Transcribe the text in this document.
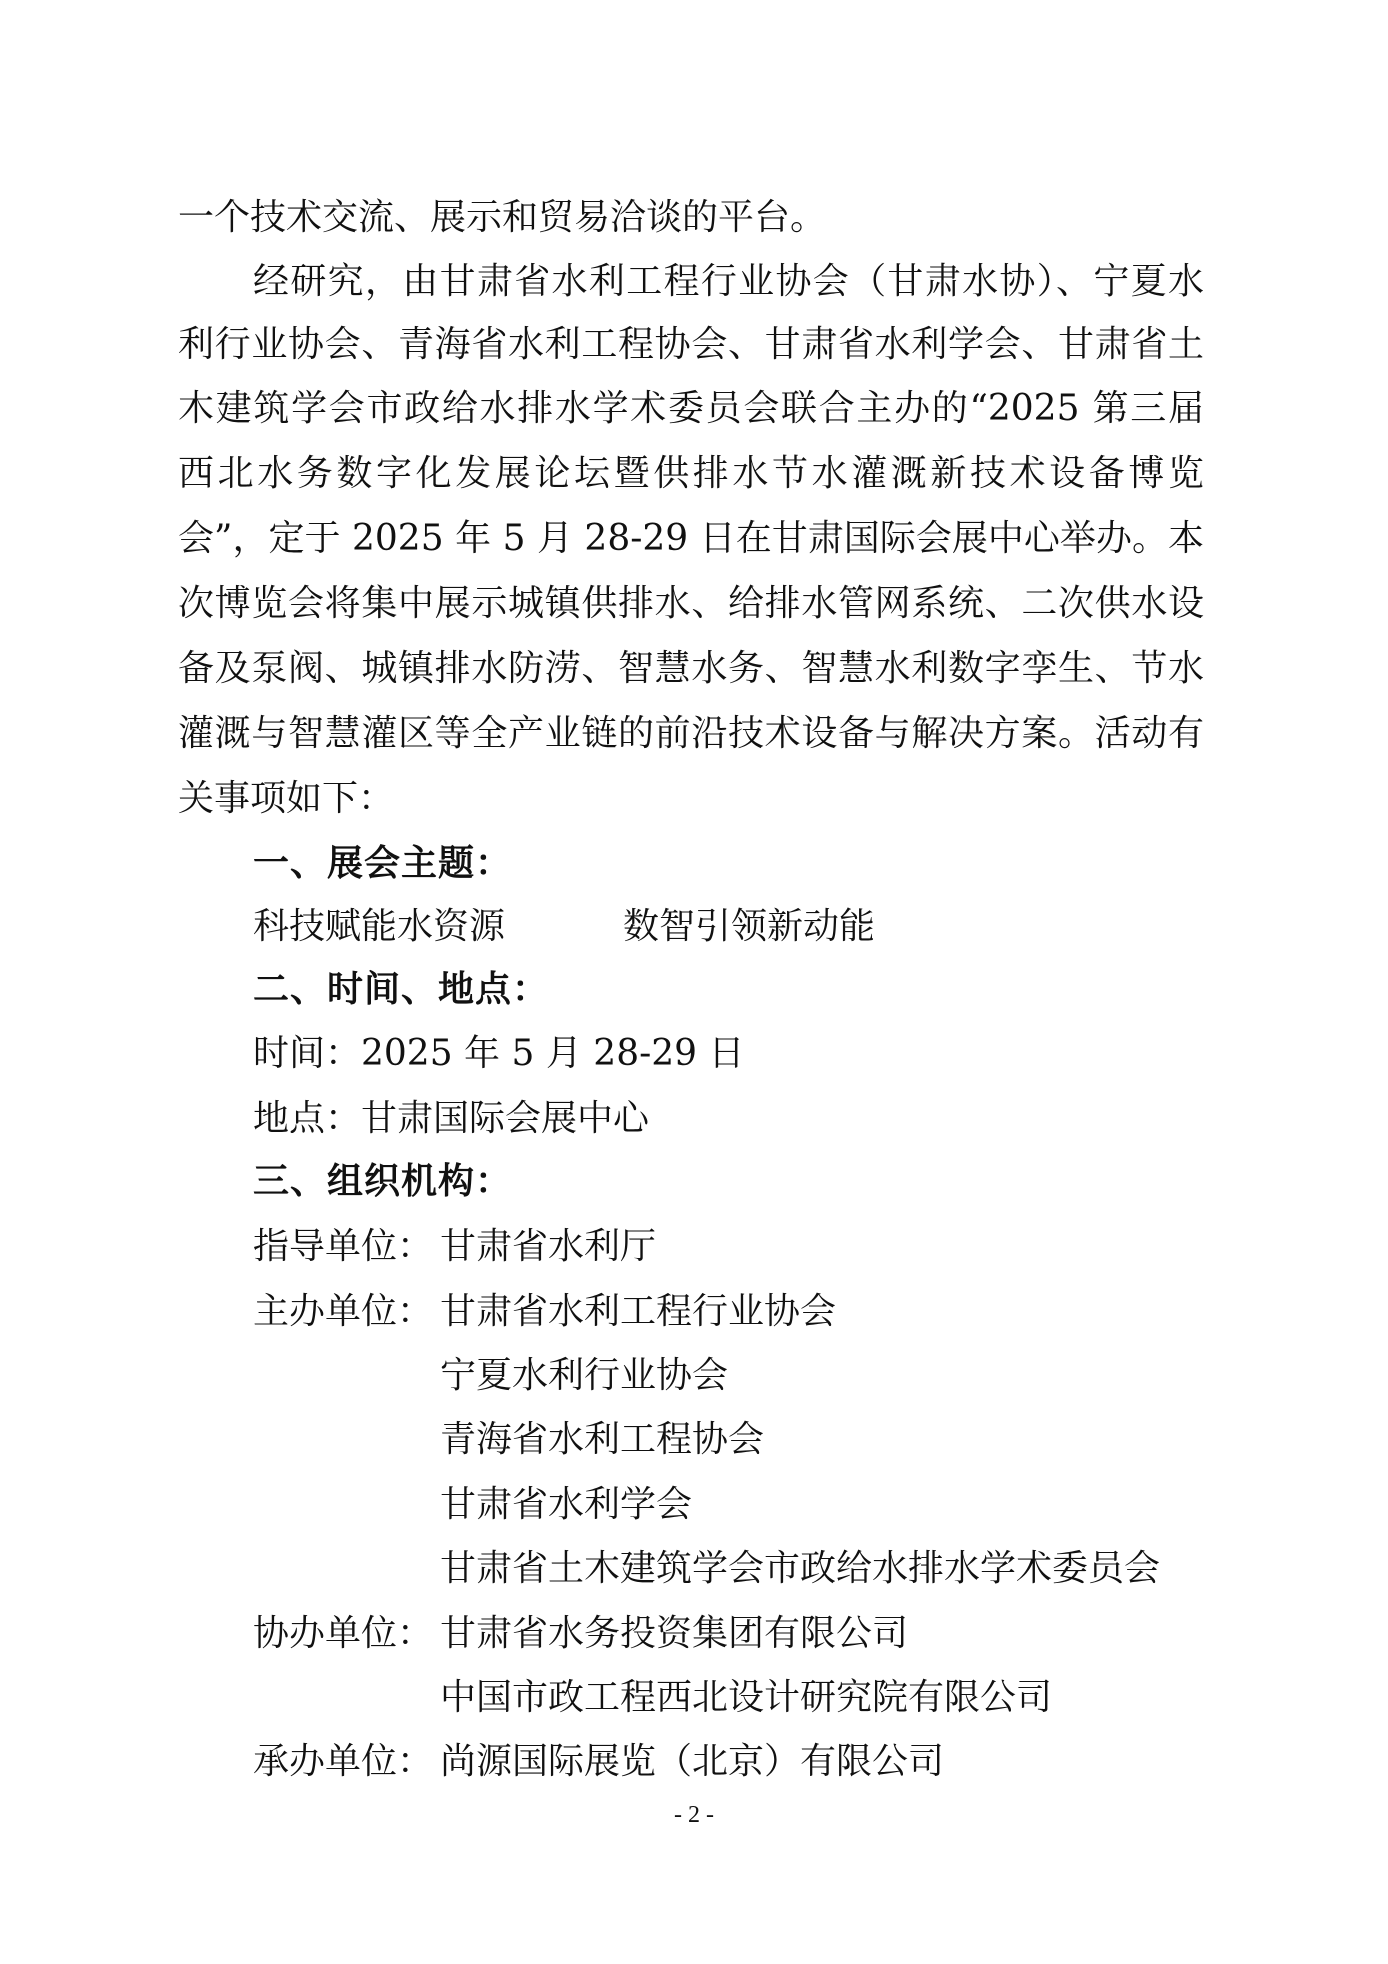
一个技术交流、展示和贸易洽谈的平台。
经研究，由甘肃省水利工程行业协会（甘肃水协）、宁夏水
利行业协会、青海省水利工程协会、甘肃省水利学会、甘肃省土
木建筑学会市政给水排水学术委员会联合主办的“2025 第三届
西北水务数字化发展论坛暨供排水节水灌溉新技术设备博览
会”，定于 2025 年 5 月 28-29 日在甘肃国际会展中心举办。本
次博览会将集中展示城镇供排水、给排水管网系统、二次供水设
备及泵阀、城镇排水防涝、智慧水务、智慧水利数字孪生、节水
灌溉与智慧灌区等全产业链的前沿技术设备与解决方案。活动有
关事项如下：
一、展会主题：
科技赋能水资源	数智引领新动能
二、时间、地点：
时间：2025 年 5 月 28-29 日
地点：甘肃国际会展中心
三、组织机构：
指导单位： 甘肃省水利厅
主办单位： 甘肃省水利工程行业协会
宁夏水利行业协会
青海省水利工程协会
甘肃省水利学会
甘肃省土木建筑学会市政给水排水学术委员会
协办单位： 甘肃省水务投资集团有限公司
中国市政工程西北设计研究院有限公司
承办单位： 尚源国际展览（北京）有限公司
- 2 -
